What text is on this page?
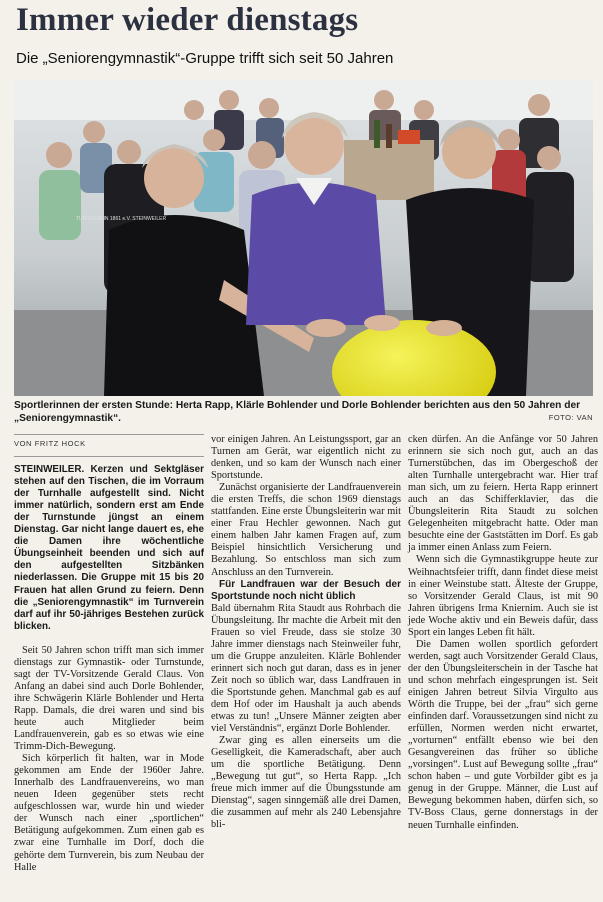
Immer wieder dienstags
Die „Seniorengymnastik“-Gruppe trifft sich seit 50 Jahren
TURNVEREIN 1861 e.V. STEINWEILER
Sportlerinnen der ersten Stunde: Herta Rapp, Klärle Bohlender und Dorle Bohlender berichten aus den 50 Jahren der „Seniorengymnastik“.	FOTO: VAN
VON FRITZ HOCK

STEINWEILER. Kerzen und Sektgläser stehen auf den Tischen, die im Vorraum der Turnhalle aufgestellt sind. Nicht immer natürlich, sondern erst am Ende der Turnstunde jüngst an einem Dienstag. Gar nicht lange dauert es, ehe die Damen ihre wöchentliche Übungseinheit beenden und sich auf den aufgestellten Sitzbänken niederlassen. Die Gruppe mit 15 bis 20 Frauen hat allen Grund zu feiern. Denn die „Seniorengymnastik“ im Turnverein darf auf ihr 50-jähriges Bestehen zurück blicken.

Seit 50 Jahren schon trifft man sich immer dienstags zur Gymnastik- oder Turnstunde, sagt der TV-Vorsitzende Gerald Claus. Von Anfang an dabei sind auch Dorle Bohlender, ihre Schwägerin Klärle Bohlender und Herta Rapp. Damals, die drei waren und sind bis heute auch Mitglieder beim Landfrauenverein, gab es so etwas wie eine Trimm-Dich-Bewegung.

Sich körperlich fit halten, war in Mode gekommen am Ende der 1960er Jahre. Innerhalb des Landfrauenvereins, wo man neuen Ideen gegenüber stets recht aufgeschlossen war, wurde hin und wieder der Wunsch nach einer „sportlichen“ Betätigung aufgekommen. Zum einen gab es zwar eine Turnhalle im Dorf, doch die gehörte dem Turnverein, bis zum Neubau der Halle

vor einigen Jahren. An Leistungssport, gar an Turnen am Gerät, war eigentlich nicht zu denken, und so kam der Wunsch nach einer Sportstunde.

Zunächst organisierte der Landfrauenverein die ersten Treffs, die schon 1969 dienstags stattfanden. Eine erste Übungsleiterin war mit einer Frau Hechler gewonnen. Nach gut einem halben Jahr kamen Fragen auf, zum Beispiel hinsichtlich Versicherung und Bezahlung. So entschloss man sich zum Anschluss an den Turnverein.

Für Landfrauen war der Besuch der Sportstunde noch nicht üblich

Bald übernahm Rita Staudt aus Rohrbach die Übungsleitung. Ihr machte die Arbeit mit den Frauen so viel Freude, dass sie stolze 30 Jahre immer dienstags nach Steinweiler fuhr, um die Gruppe anzuleiten. Klärle Bohlender erinnert sich noch gut daran, dass es in jener Zeit noch so üblich war, dass Landfrauen in die Sportstunde gehen. Manchmal gab es auf dem Hof oder im Haushalt ja auch abends etwas zu tun! „Unsere Männer zeigten aber viel Verständnis“, ergänzt Dorle Bohlender.

Zwar ging es allen einerseits um die Geselligkeit, die Kameradschaft, aber auch um die sportliche Betätigung. Denn „Bewegung tut gut“, so Herta Rapp. „Ich freue mich immer auf die Übungsstunde am Dienstag“, sagen sinngemäß alle drei Damen, die zusammen auf mehr als 240 Lebensjahre bli-

cken dürfen. An die Anfänge vor 50 Jahren erinnern sie sich noch gut, auch an das Turnerstübchen, das im Obergeschoß der alten Turnhalle untergebracht war. Hier traf man sich, um zu feiern. Herta Rapp erinnert auch an das Schifferklavier, das die Übungsleiterin Rita Staudt zu solchen Gelegenheiten mitgebracht hatte. Oder man besuchte eine der Gaststätten im Dorf. Es gab ja immer einen Anlass zum Feiern.

Wenn sich die Gymnastikgruppe heute zur Weihnachtsfeier trifft, dann findet diese meist in einer Weinstube statt. Älteste der Gruppe, so Vorsitzender Gerald Claus, ist mit 90 Jahren übrigens Irma Kniernim. Auch sie ist jede Woche aktiv und ein Beweis dafür, dass Sport ein langes Leben fit hält.

Die Damen wollen sportlich gefordert werden, sagt auch Vorsitzender Gerald Claus, der den Übungsleiterschein in der Tasche hat und schon mehrfach eingesprungen ist. Seit einigen Jahren betreut Silvia Virgulto aus Wörth die Truppe, bei der „frau“ sich gerne einfinden darf. Voraussetzungen sind nicht zu erfüllen, Normen werden nicht erwartet, „vorturnen“ entfällt ebenso wie bei den Gesangvereinen das früher so übliche „vorsingen“. Lust auf Bewegung sollte „frau“ schon haben – und gute Vorbilder gibt es ja genug in der Gruppe. Männer, die Lust auf Bewegung bekommen haben, dürfen sich, so TV-Boss Claus, gerne donnerstags in der neuen Turnhalle einfinden.
